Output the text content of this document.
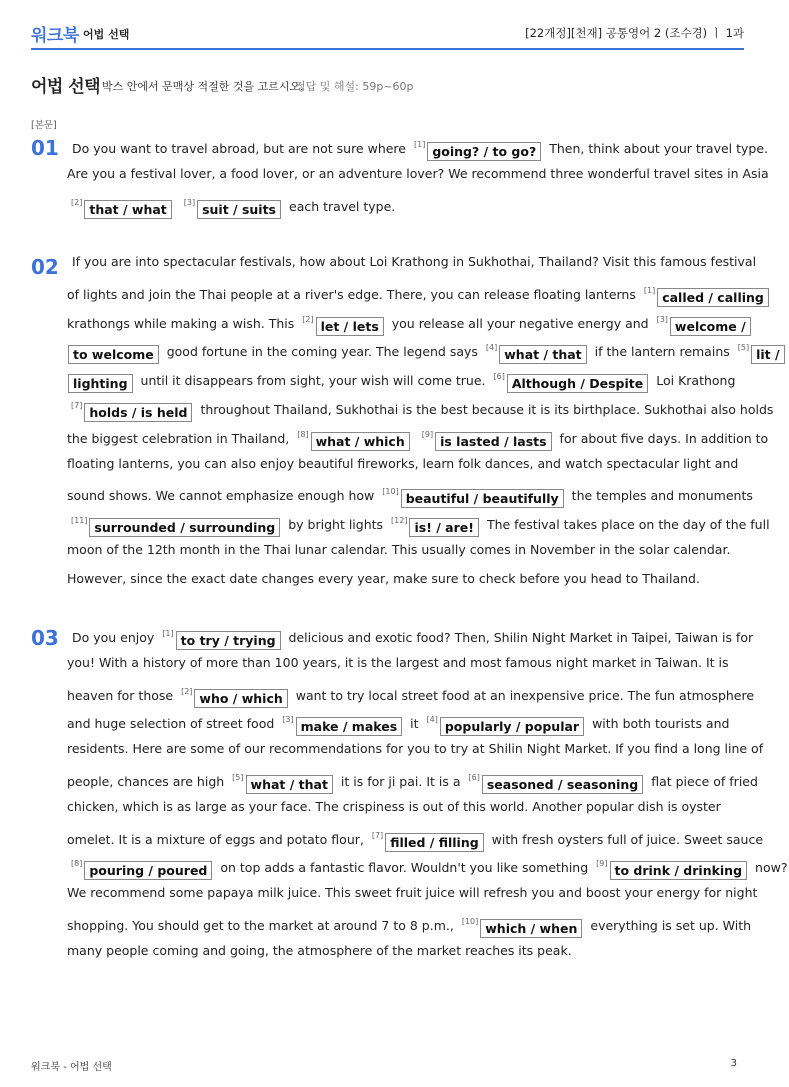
워크북 어법 선택	[22개정][천재] 공통영어 2 (조수경) ㅣ 1과
어법 선택 박스 안에서 문맥상 적절한 것을 고르시오.
정답 및 해설: 59p~60p
[본문]
01	Do you want to travel abroad, but are not sure where [1] going? / to go? Then, think about your travel type.
Are you a festival lover, a food lover, or an adventure lover? We recommend three wonderful travel sites in Asia
[2] that / what [3] suit / suits each travel type.
02	If you are into spectacular festivals, how about Loi Krathong in Sukhothai, Thailand? Visit this famous festival
of lights and join the Thai people at a river's edge. There, you can release floating lanterns [1] called / calling
krathongs while making a wish. This [2] let / lets you release all your negative energy and [3] welcome /
to welcome good fortune in the coming year. The legend says [4] what / that if the lantern remains [5] lit /
lighting until it disappears from sight, your wish will come true. [6] Although / Despite Loi Krathong
[7] holds / is held throughout Thailand, Sukhothai is the best because it is its birthplace. Sukhothai also holds
the biggest celebration in Thailand, [8] what / which [9] is lasted / lasts for about five days. In addition to
floating lanterns, you can also enjoy beautiful fireworks, learn folk dances, and watch spectacular light and
sound shows. We cannot emphasize enough how [10] beautiful / beautifully the temples and monuments
[11] surrounded / surrounding by bright lights [12] is! / are! The festival takes place on the day of the full
moon of the 12th month in the Thai lunar calendar. This usually comes in November in the solar calendar.
However, since the exact date changes every year, make sure to check before you head to Thailand.
03	Do you enjoy [1] to try / trying delicious and exotic food? Then, Shilin Night Market in Taipei, Taiwan is for
you! With a history of more than 100 years, it is the largest and most famous night market in Taiwan. It is
heaven for those [2] who / which want to try local street food at an inexpensive price. The fun atmosphere
and huge selection of street food [3] make / makes it [4] popularly / popular with both tourists and
residents. Here are some of our recommendations for you to try at Shilin Night Market. If you find a long line of
people, chances are high [5] what / that it is for ji pai. It is a [6] seasoned / seasoning flat piece of fried
chicken, which is as large as your face. The crispiness is out of this world. Another popular dish is oyster
omelet. It is a mixture of eggs and potato flour, [7] filled / filling with fresh oysters full of juice. Sweet sauce
[8] pouring / poured on top adds a fantastic flavor. Wouldn't you like something [9] to drink / drinking now?
We recommend some papaya milk juice. This sweet fruit juice will refresh you and boost your energy for night
shopping. You should get to the market at around 7 to 8 p.m., [10] which / when everything is set up. With
many people coming and going, the atmosphere of the market reaches its peak.
워크북 - 어법 선택	3
